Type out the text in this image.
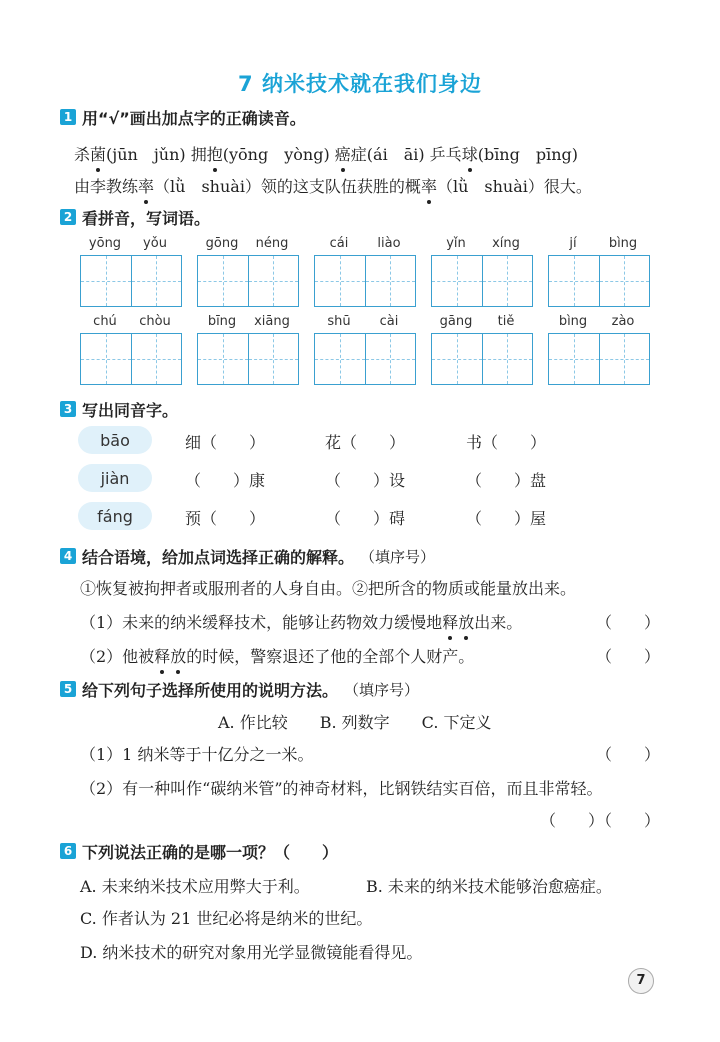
7 纳米技术就在我们身边
1 用“√”画出加点字的正确读音。
杀菌(jūn　jǔn) 拥抱(yōng　yòng) 癌症(ái　āi) 乒乓球(bīng　pīng)
由李教练率（lǜ　shuài）领的这支队伍获胜的概率（lǜ　shuài）很大。
2 看拼音，写词语。
yōng	yǒu	gōng	néng	cái	liào	yǐn	xíng	jí	bìng
chú	chòu	bīng	xiāng	shū	cài	gāng	tiě	bìng	zào
3 写出同音字。
bāo	细（　　）	花（　　）	书（　　）
jiàn	（　　）康	（　　）设	（　　）盘
fáng	预（　　）	（　　）碍	（　　）屋
4 结合语境，给加点词选择正确的解释。 （填序号）
①恢复被拘押者或服刑者的人身自由。②把所含的物质或能量放出来。
（1）未来的纳米缓释技术，能够让药物效力缓慢地释放出来。	（　　）
（2）他被释放的时候，警察退还了他的全部个人财产。	（　　）
5 给下列句子选择所使用的说明方法。 （填序号）
A. 作比较　　B. 列数字　　C. 下定义
（1）1 纳米等于十亿分之一米。	（　　）
（2）有一种叫作“碳纳米管”的神奇材料，比钢铁结实百倍，而且非常轻。
（　　）（　　）
6 下列说法正确的是哪一项？（　　）
A. 未来纳米技术应用弊大于利。	B. 未来的纳米技术能够治愈癌症。
C. 作者认为 21 世纪必将是纳米的世纪。
D. 纳米技术的研究对象用光学显微镜能看得见。
7
